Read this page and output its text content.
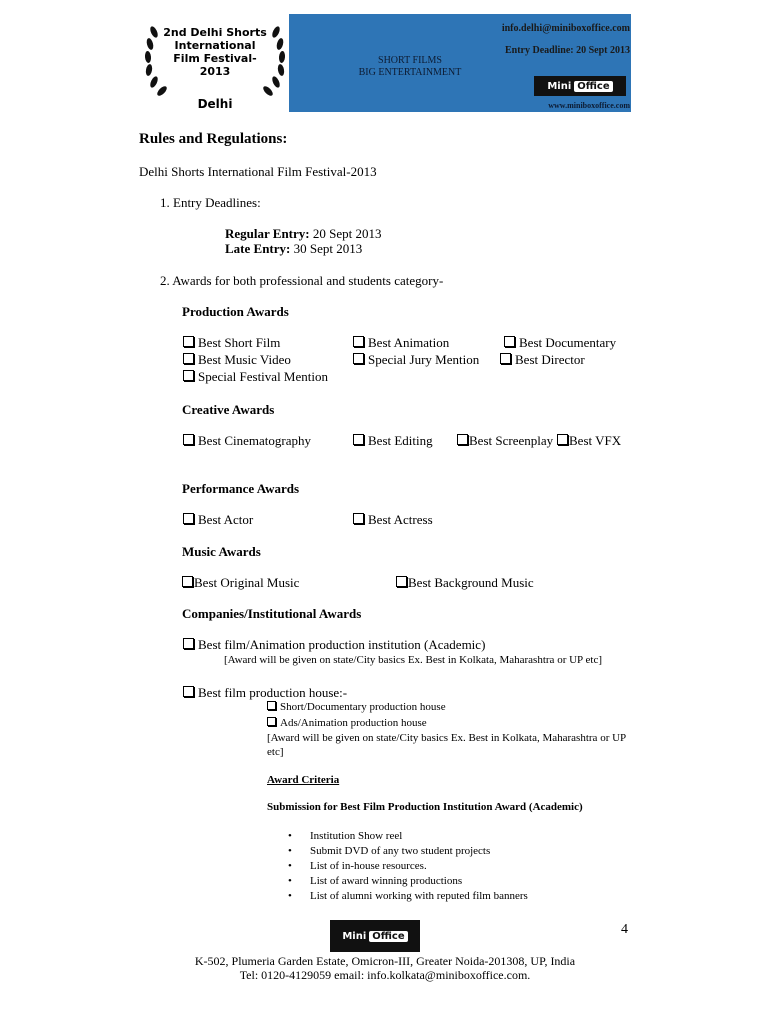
2nd Delhi Shorts
International
Film Festival-2013
Delhi
info.delhi@miniboxoffice.com
Entry Deadline: 20 Sept 2013
SHORT FILMS
BIG ENTERTAINMENT
Mini Office
www.miniboxoffice.com
Rules and Regulations:
Delhi Shorts International Film Festival-2013
1. Entry Deadlines:
Regular Entry: 20 Sept 2013
Late Entry: 30 Sept 2013
2. Awards for both professional and students category-
Production Awards
Best Short Film	Best Animation	Best Documentary
Best Music Video	Special Jury Mention	Best Director
Special Festival Mention
Creative Awards
Best Cinematography	Best Editing	Best Screenplay	Best VFX
Performance Awards
Best Actor	Best Actress
Music Awards
Best Original Music	Best Background Music
Companies/Institutional Awards
Best film/Animation production institution (Academic)
[Award will be given on state/City basics Ex. Best in Kolkata, Maharashtra or UP etc]
Best film production house:-
Short/Documentary production house
Ads/Animation production house
[Award will be given on state/City basics Ex. Best in Kolkata, Maharashtra or UP etc]
Award Criteria
Submission for Best Film Production Institution Award (Academic)
• Institution Show reel
• Submit DVD of any two student projects
• List of in-house resources.
• List of award winning productions
• List of alumni working with reputed film banners
4
Mini Office
K-502, Plumeria Garden Estate, Omicron-III, Greater Noida-201308, UP, India
Tel: 0120-4129059 email: info.kolkata@miniboxoffice.com.
